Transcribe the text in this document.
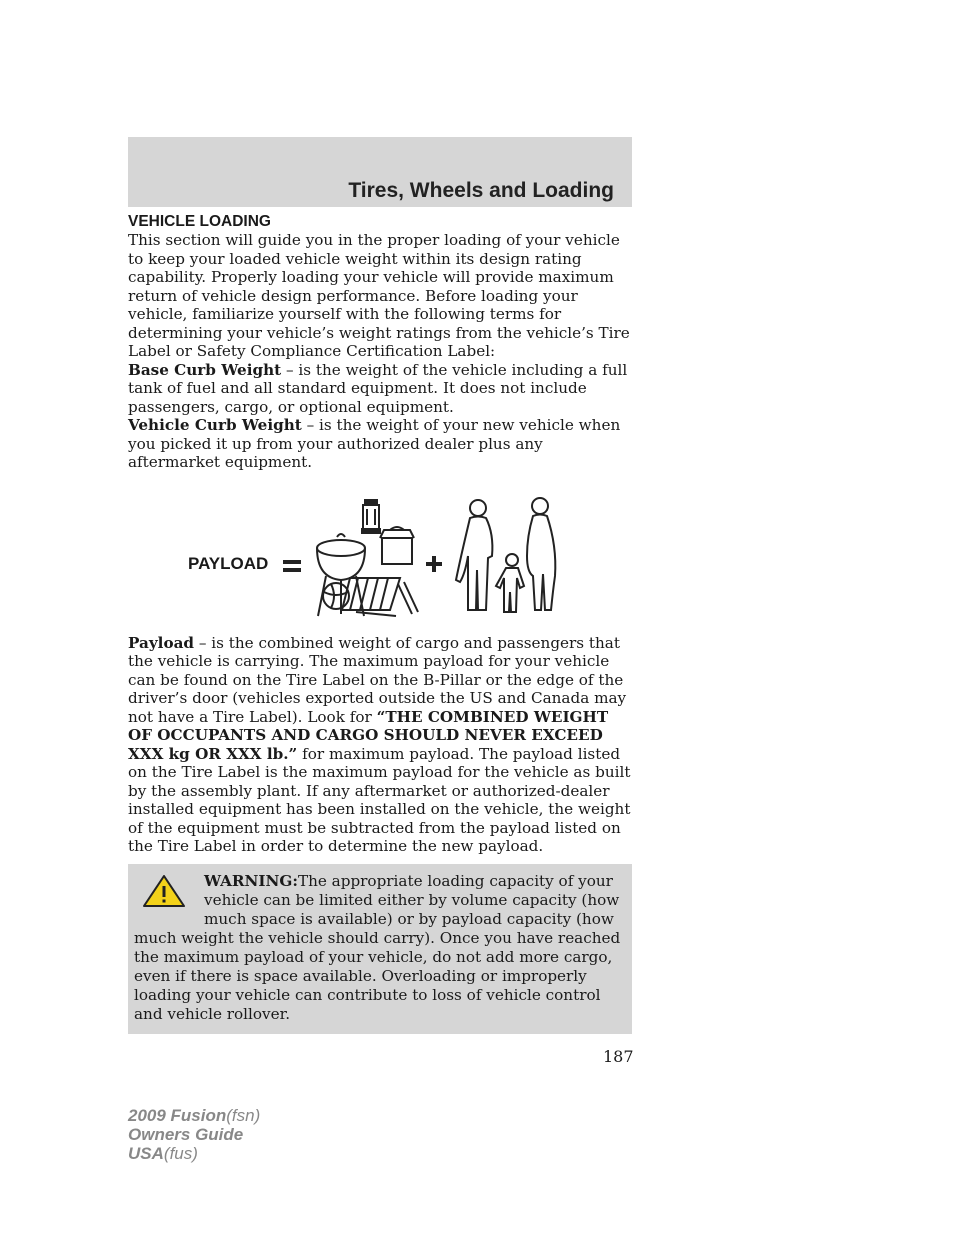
Tires, Wheels and Loading

VEHICLE LOADING

This section will guide you in the proper loading of your vehicle to keep your loaded vehicle weight within its design rating capability. Properly loading your vehicle will provide maximum return of vehicle design performance. Before loading your vehicle, familiarize yourself with the following terms for determining your vehicle’s weight ratings from the vehicle’s Tire Label or Safety Compliance Certification Label:

Base Curb Weight – is the weight of the vehicle including a full tank of fuel and all standard equipment. It does not include passengers, cargo, or optional equipment.

Vehicle Curb Weight – is the weight of your new vehicle when you picked it up from your authorized dealer plus any aftermarket equipment.

PAYLOAD

Payload – is the combined weight of cargo and passengers that the vehicle is carrying. The maximum payload for your vehicle can be found on the Tire Label on the B-Pillar or the edge of the driver’s door (vehicles exported outside the US and Canada may not have a Tire Label). Look for “THE COMBINED WEIGHT OF OCCUPANTS AND CARGO SHOULD NEVER EXCEED XXX kg OR XXX lb.” for maximum payload. The payload listed on the Tire Label is the maximum payload for the vehicle as built by the assembly plant. If any aftermarket or authorized-dealer installed equipment has been installed on the vehicle, the weight of the equipment must be subtracted from the payload listed on the Tire Label in order to determine the new payload.

WARNING:The appropriate loading capacity of your vehicle can be limited either by volume capacity (how much space is available) or by payload capacity (how much weight the vehicle should carry). Once you have reached the maximum payload of your vehicle, do not add more cargo, even if there is space available. Overloading or improperly loading your vehicle can contribute to loss of vehicle control and vehicle rollover.
187
2009 Fusion(fsn)
Owners Guide
USA(fus)
